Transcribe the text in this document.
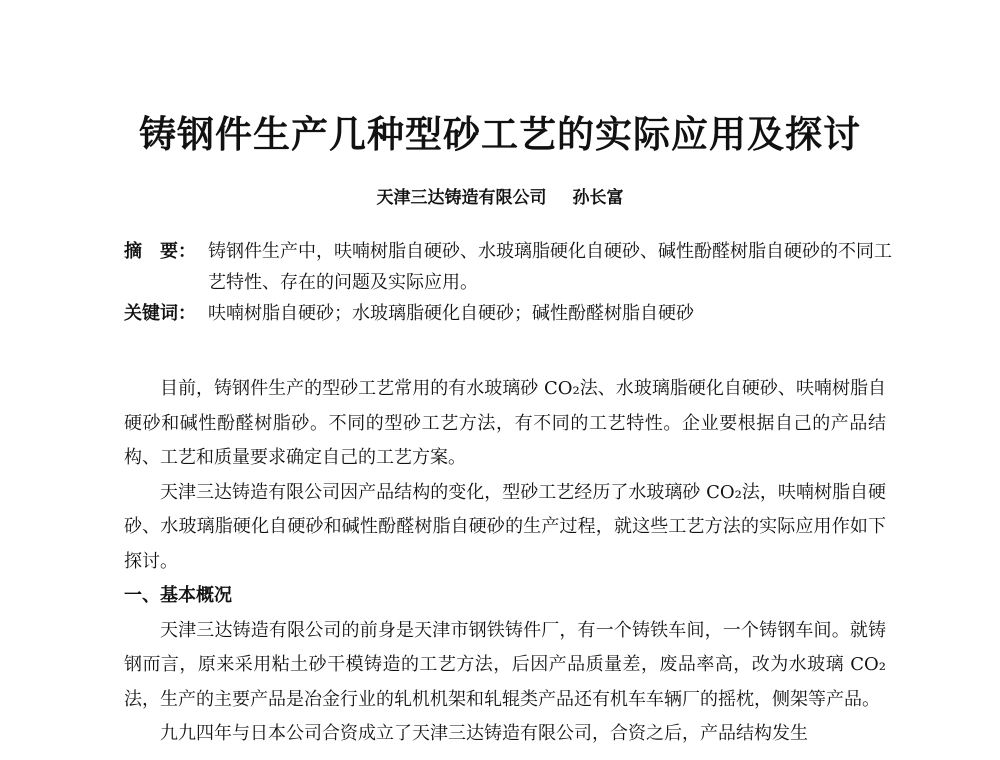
铸钢件生产几种型砂工艺的实际应用及探讨
天津三达铸造有限公司 孙长富
摘　要： 铸钢件生产中，呋喃树脂自硬砂、水玻璃脂硬化自硬砂、碱性酚醛树脂自硬砂的不同工艺特性、存在的问题及实际应用。
关键词： 呋喃树脂自硬砂；水玻璃脂硬化自硬砂；碱性酚醛树脂自硬砂

目前，铸钢件生产的型砂工艺常用的有水玻璃砂 CO₂法、水玻璃脂硬化自硬砂、呋喃树脂自硬砂和碱性酚醛树脂砂。不同的型砂工艺方法，有不同的工艺特性。企业要根据自己的产品结构、工艺和质量要求确定自己的工艺方案。

天津三达铸造有限公司因产品结构的变化，型砂工艺经历了水玻璃砂 CO₂法，呋喃树脂自硬砂、水玻璃脂硬化自硬砂和碱性酚醛树脂自硬砂的生产过程，就这些工艺方法的实际应用作如下探讨。

一、基本概况

天津三达铸造有限公司的前身是天津市钢铁铸件厂，有一个铸铁车间，一个铸钢车间。就铸钢而言，原来采用粘土砂干模铸造的工艺方法，后因产品质量差，废品率高，改为水玻璃 CO₂法，生产的主要产品是冶金行业的轧机机架和轧辊类产品还有机车车辆厂的摇枕，侧架等产品。

九九四年与日本公司合资成立了天津三达铸造有限公司，合资之后，产品结构发生
